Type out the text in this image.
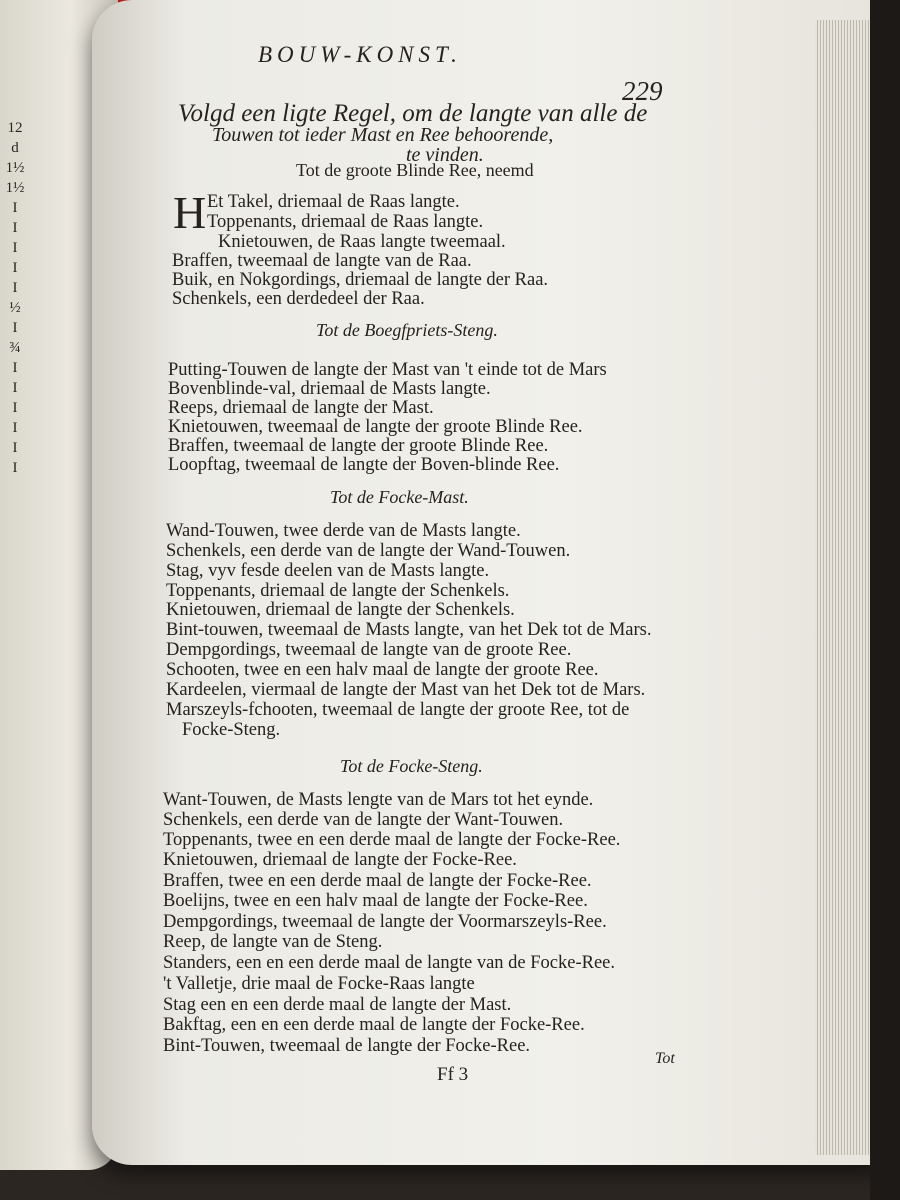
12
d
1½
1½
I
I
I
I
I
½
I
¾
I
I
I
I
I
I
BOUW-KONST.
229
Volgd een ligte Regel, om de langte van alle de
Touwen tot ieder Mast en Ree behoorende,
te vinden.
Tot de groote Blinde Ree, neemd
H Et Takel, driemaal de Raas langte.
Toppenants, driemaal de Raas langte.
Knietouwen, de Raas langte tweemaal.
Braffen, tweemaal de langte van de Raa.
Buik, en Nokgordings, driemaal de langte der Raa.
Schenkels, een derdedeel der Raa.
Tot de Boegfpriets-Steng.
Putting-Touwen de langte der Mast van 't einde tot de Mars
Bovenblinde-val, driemaal de Masts langte.
Reeps, driemaal de langte der Mast.
Knietouwen, tweemaal de langte der groote Blinde Ree.
Braffen, tweemaal de langte der groote Blinde Ree.
Loopftag, tweemaal de langte der Boven-blinde Ree.
Tot de Focke-Mast.
Wand-Touwen, twee derde van de Masts langte.
Schenkels, een derde van de langte der Wand-Touwen.
Stag, vyv fesde deelen van de Masts langte.
Toppenants, driemaal de langte der Schenkels.
Knietouwen, driemaal de langte der Schenkels.
Bint-touwen, tweemaal de Masts langte, van het Dek tot de Mars.
Dempgordings, tweemaal de langte van de groote Ree.
Schooten, twee en een halv maal de langte der groote Ree.
Kardeelen, viermaal de langte der Mast van het Dek tot de Mars.
Marszeyls-fchooten, tweemaal de langte der groote Ree, tot de
Focke-Steng.
Tot de Focke-Steng.
Want-Touwen, de Masts lengte van de Mars tot het eynde.
Schenkels, een derde van de langte der Want-Touwen.
Toppenants, twee en een derde maal de langte der Focke-Ree.
Knietouwen, driemaal de langte der Focke-Ree.
Braffen, twee en een derde maal de langte der Focke-Ree.
Boelijns, twee en een halv maal de langte der Focke-Ree.
Dempgordings, tweemaal de langte der Voormarszeyls-Ree.
Reep, de langte van de Steng.
Standers, een en een derde maal de langte van de Focke-Ree.
't Valletje, drie maal de Focke-Raas langte
Stag een en een derde maal de langte der Mast.
Bakftag, een en een derde maal de langte der Focke-Ree.
Bint-Touwen, tweemaal de langte der Focke-Ree.
Tot
Ff 3
